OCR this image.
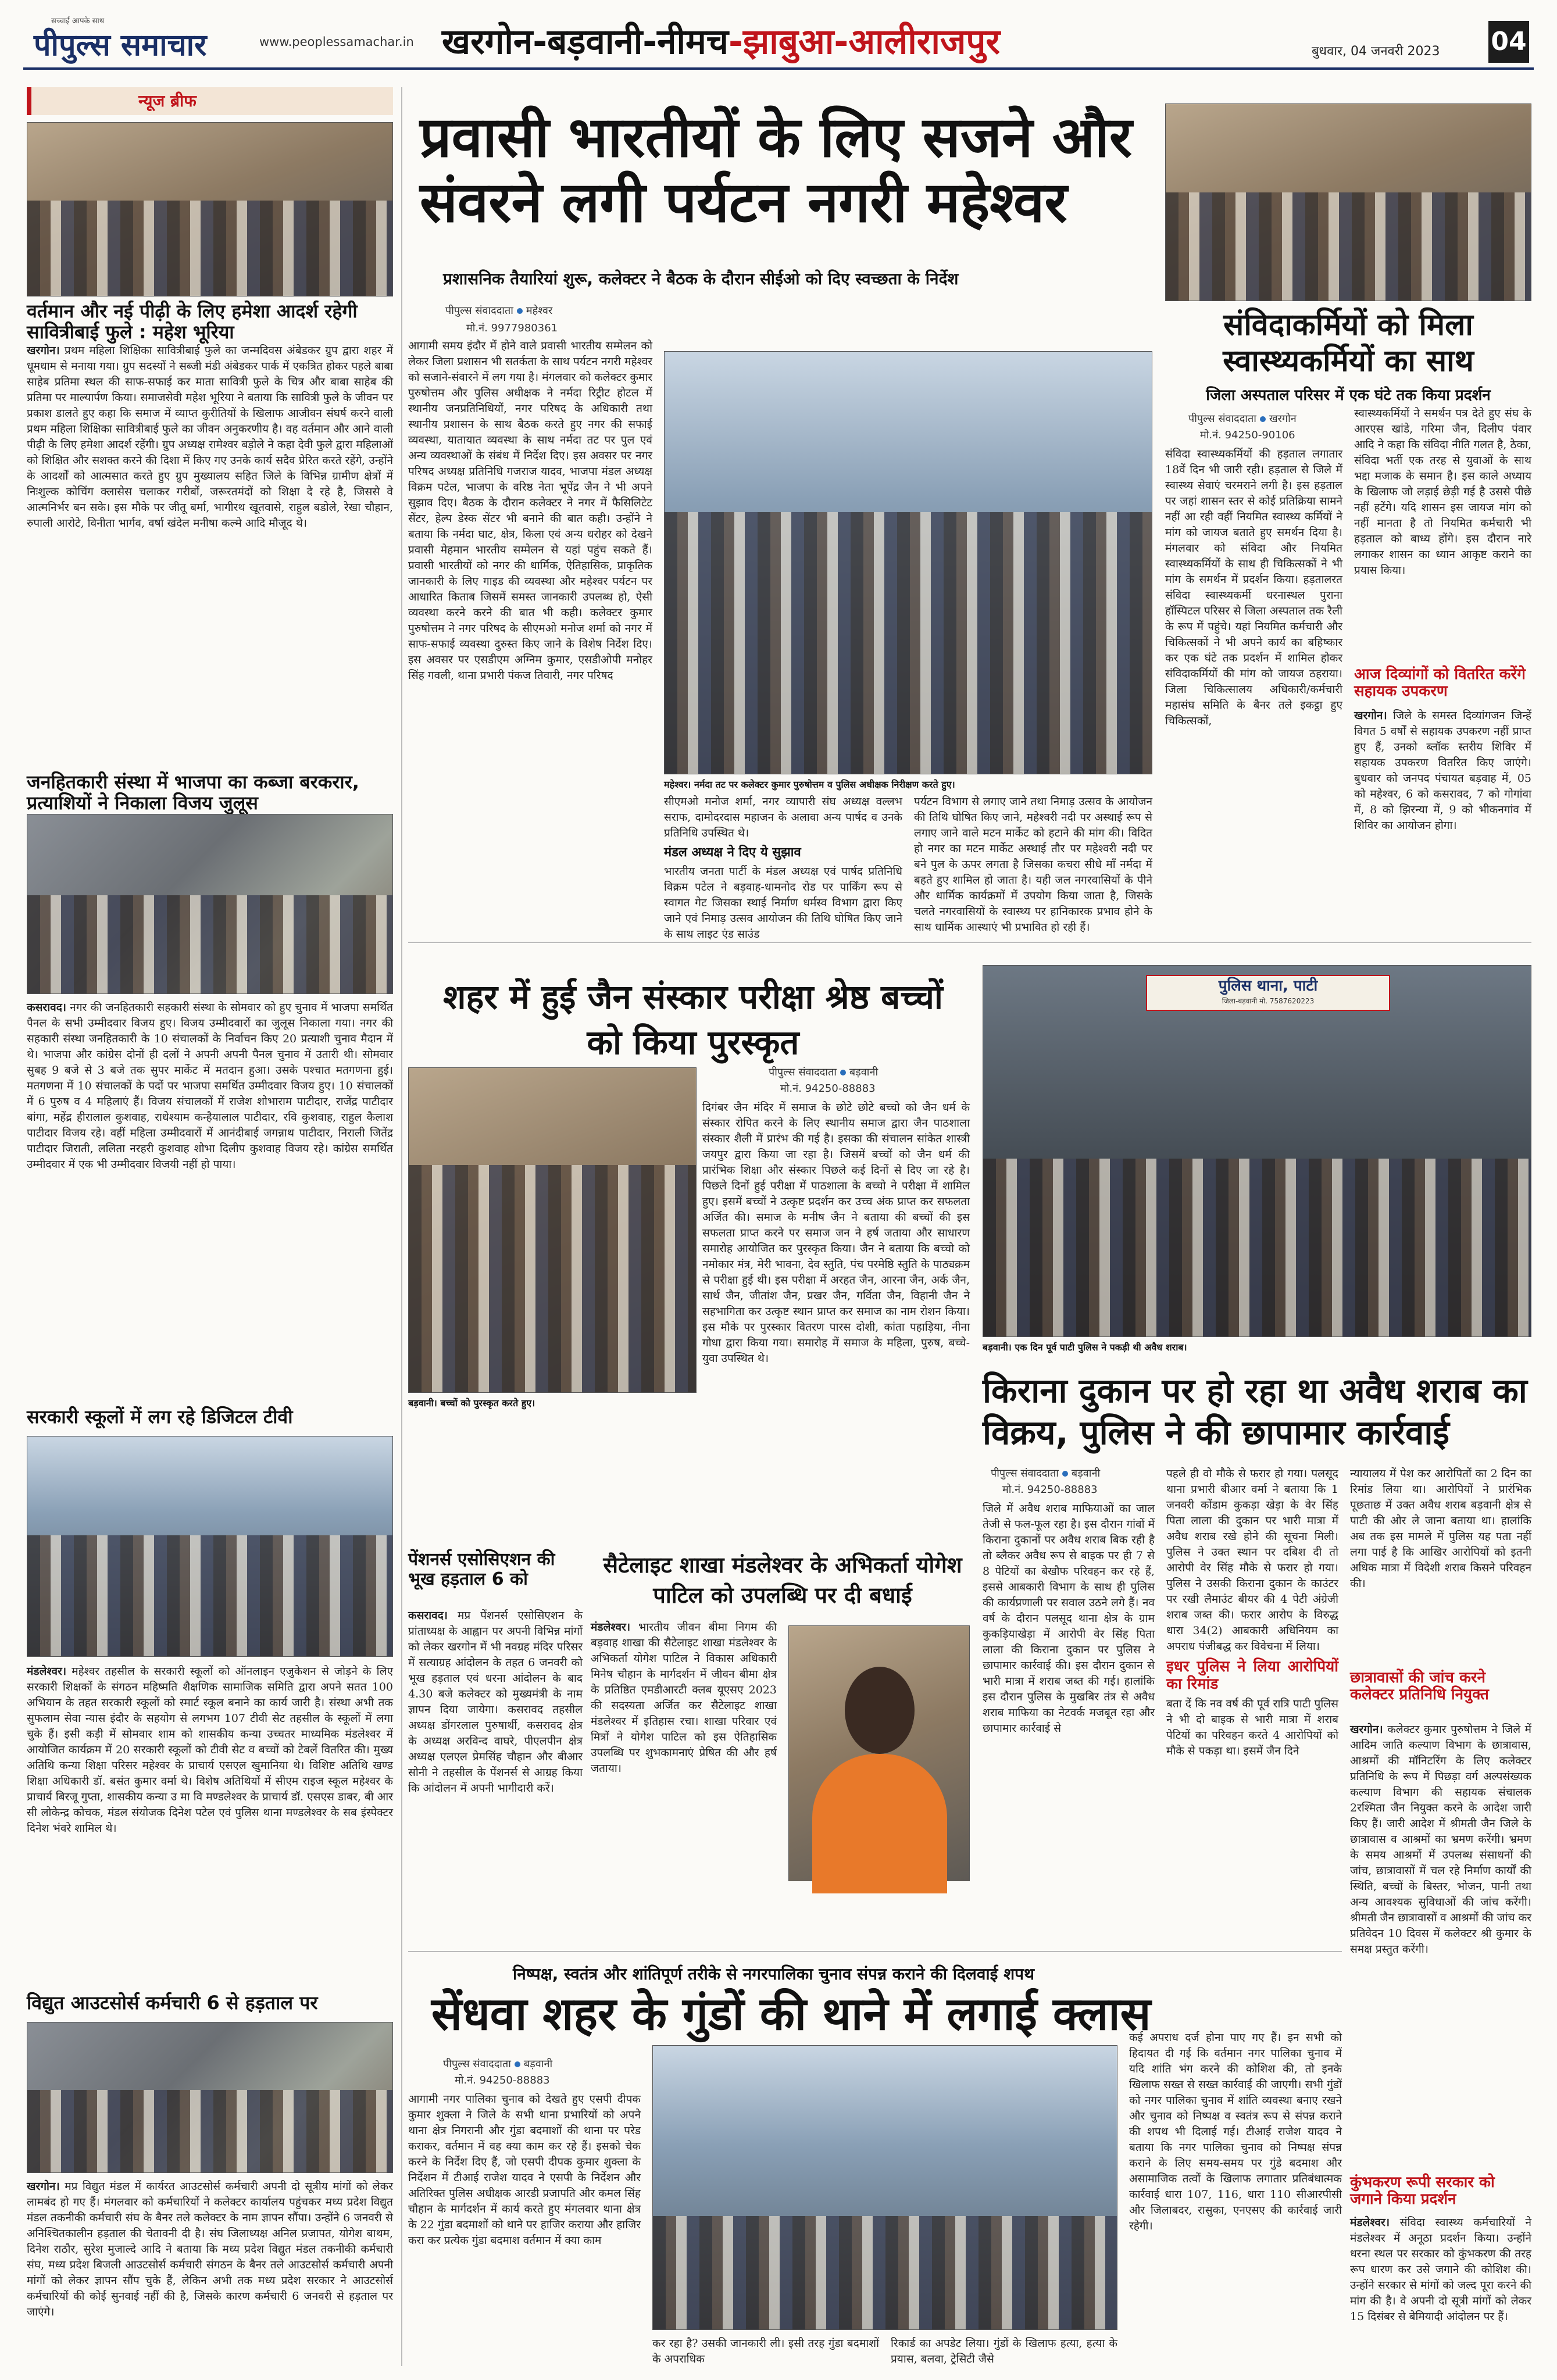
सच्चाई आपके साथ
पीपुल्स समाचार	www.peoplessamachar.in खरगोन-बड़वानी-नीमच-झाबुआ-आलीराजपुर	बुधवार, 04 जनवरी 2023 04
न्यूज ब्रीफ
वर्तमान और नई पीढ़ी के लिए हमेशा आदर्श रहेगी सावित्रीबाई फुले : महेश भूरिया
खरगोन। प्रथम महिला शिक्षिका सावित्रीबाई फुले का जन्मदिवस अंबेडकर ग्रुप द्वारा शहर में धूमधाम से मनाया गया। ग्रुप सदस्यों ने सब्जी मंडी अंबेडकर पार्क में एकत्रित होकर पहले बाबा साहेब प्रतिमा स्थल की साफ-सफाई कर माता सावित्री फुले के चित्र और बाबा साहेब की प्रतिमा पर माल्यार्पण किया। समाजसेवी महेश भूरिया ने बताया कि सावित्री फुले के जीवन पर प्रकाश डालते हुए कहा कि समाज में व्याप्त कुरीतियों के खिलाफ आजीवन संघर्ष करने वाली प्रथम महिला शिक्षिका सावित्रीबाई फुले का जीवन अनुकरणीय है। वह वर्तमान और आने वाली पीढ़ी के लिए हमेशा आदर्श रहेंगी। ग्रुप अध्यक्ष रामेश्वर बड़ोले ने कहा देवी फुले द्वारा महिलाओं को शिक्षित और सशक्त करने की दिशा में किए गए उनके कार्य सदैव प्रेरित करते रहेंगे, उन्होंने के आदर्शों को आत्मसात करते हुए ग्रुप मुख्यालय सहित जिले के विभिन्न ग्रामीण क्षेत्रों में निःशुल्क कोचिंग क्लासेस चलाकर गरीबों, जरूरतमंदों को शिक्षा दे रहे है, जिससे वे आत्मनिर्भर बन सके। इस मौके पर जीतू बर्मा, भागीरथ खूतवासे, राहुल बडोले, रेखा चौहान, रुपाली आरोटे, विनीता भार्गव, वर्षा खंदेल मनीषा कल्मे आदि मौजूद थे।
जनहितकारी संस्था में भाजपा का कब्जा बरकरार, प्रत्याशियों ने निकाला विजय जुलूस
कसरावद। नगर की जनहितकारी सहकारी संस्था के सोमवार को हुए चुनाव में भाजपा समर्थित पैनल के सभी उम्मीदवार विजय हुए। विजय उम्मीदवारों का जुलूस निकाला गया। नगर की सहकारी संस्था जनहितकारी के 10 संचालकों के निर्वाचन किए 20 प्रत्याशी चुनाव मैदान में थे। भाजपा और कांग्रेस दोनों ही दलों ने अपनी अपनी पैनल चुनाव में उतारी थी। सोमवार सुबह 9 बजे से 3 बजे तक सुपर मार्केट में मतदान हुआ। उसके पश्चात मतगणना हुई। मतगणना में 10 संचालकों के पदों पर भाजपा समर्थित उम्मीदवार विजय हुए। 10 संचालकों में 6 पुरुष व 4 महिलाएं हैं। विजय संचालकों में राजेश शोभाराम पाटीदार, राजेंद्र पाटीदार बांगा, महेंद्र हीरालाल कुशवाह, राधेश्याम कन्हैयालाल पाटीदार, रवि कुशवाह, राहुल कैलाश पाटीदार विजय रहे। वहीं महिला उम्मीदवारों में आनंदीबाई जगन्नाथ पाटीदार, निराली जितेंद्र पाटीदार जिराती, ललिता नरहरी कुशवाह शोभा दिलीप कुशवाह विजय रहे। कांग्रेस समर्थित उम्मीदवार में एक भी उम्मीदवार विजयी नहीं हो पाया।
सरकारी स्कूलों में लग रहे डिजिटल टीवी
मंडलेश्वर। महेश्वर तहसील के सरकारी स्कूलों को ऑनलाइन एजुकेशन से जोड़ने के लिए सरकारी शिक्षकों के संगठन महिष्मति शैक्षणिक सामाजिक समिति द्वारा अपने सतत 100 अभियान के तहत सरकारी स्कूलों को स्मार्ट स्कूल बनाने का कार्य जारी है। संस्था अभी तक सुफलाम सेवा न्यास इंदौर के सहयोग से लगभग 107 टीवी सेट तहसील के स्कूलों में लगा चुके हैं। इसी कड़ी में सोमवार शाम को शासकीय कन्या उच्चतर माध्यमिक मंडलेश्वर में आयोजित कार्यक्रम में 20 सरकारी स्कूलों को टीवी सेट व बच्चों को टेबलें वितरित की। मुख्य अतिथि कन्या शिक्षा परिसर महेश्वर के प्राचार्य एसएल खुमानिया थे। विशिष्ट अतिथि खण्ड शिक्षा अधिकारी डॉ. बसंत कुमार वर्मा थे। विशेष अतिथियों में सीएम राइज स्कूल महेश्वर के प्राचार्य बिरजू गुप्ता, शासकीय कन्या उ मा वि मण्डलेश्वर के प्राचार्य डॉ. एसएस डाबर, बी आर सी लोकेन्द्र कोचक, मंडल संयोजक दिनेश पटेल एवं पुलिस थाना मण्डलेश्वर के सब इंस्पेक्टर दिनेश भंवरे शामिल थे।
विद्युत आउटसोर्स कर्मचारी 6 से हड़ताल पर
खरगोन। मप्र विद्युत मंडल में कार्यरत आउटसोर्स कर्मचारी अपनी दो सूत्रीय मांगों को लेकर लामबंद हो गए हैं। मंगलवार को कर्मचारियों ने कलेक्टर कार्यालय पहुंचकर मध्य प्रदेश विद्युत मंडल तकनीकी कर्मचारी संघ के बैनर तले कलेक्टर के नाम ज्ञापन सौंपा। उन्होंने 6 जनवरी से अनिश्चितकालीन हड़ताल की चेतावनी दी है। संघ जिलाध्यक्ष अनिल प्रजापत, योगेश बाथम, दिनेश राठौर, सुरेश मुजाल्दे आदि ने बताया कि मध्य प्रदेश विद्युत मंडल तकनीकी कर्मचारी संघ, मध्य प्रदेश बिजली आउटसोर्स कर्मचारी संगठन के बैनर तले आउटसोर्स कर्मचारी अपनी मांगों को लेकर ज्ञापन सौंप चुके हैं, लेकिन अभी तक मध्य प्रदेश सरकार ने आउटसोर्स कर्मचारियों की कोई सुनवाई नहीं की है, जिसके कारण कर्मचारी 6 जनवरी से हड़ताल पर जाएंगे।
प्रवासी भारतीयों के लिए सजने और संवरने लगी पर्यटन नगरी महेश्वर
प्रशासनिक तैयारियां शुरू, कलेक्टर ने बैठक के दौरान सीईओ को दिए स्वच्छता के निर्देश
पीपुल्स संवाददाता महेश्वर
मो.नं. 9977980361
आगामी समय इंदौर में होने वाले प्रवासी भारतीय सम्मेलन को लेकर जिला प्रशासन भी सतर्कता के साथ पर्यटन नगरी महेश्वर को सजाने-संवारने में लग गया है। मंगलवार को कलेक्टर कुमार पुरुषोत्तम और पुलिस अधीक्षक ने नर्मदा रिट्रीट होटल में स्थानीय जनप्रतिनिधियों, नगर परिषद के अधिकारी तथा स्थानीय प्रशासन के साथ बैठक करते हुए नगर की सफाई व्यवस्था, यातायात व्यवस्था के साथ नर्मदा तट पर पुल एवं अन्य व्यवस्थाओं के संबंध में निर्देश दिए। इस अवसर पर नगर परिषद अध्यक्ष प्रतिनिधि गजराज यादव, भाजपा मंडल अध्यक्ष विक्रम पटेल, भाजपा के वरिष्ठ नेता भूपेंद्र जैन ने भी अपने सुझाव दिए। बैठक के दौरान कलेक्टर ने नगर में फैसिलिटेट सेंटर, हेल्प डेस्क सेंटर भी बनाने की बात कही। उन्होंने ने बताया कि नर्मदा घाट, क्षेत्र, किला एवं अन्य धरोहर को देखने प्रवासी मेहमान भारतीय सम्मेलन से यहां पहुंच सकते हैं। प्रवासी भारतीयों को नगर की धार्मिक, ऐतिहासिक, प्राकृतिक जानकारी के लिए गाइड की व्यवस्था और महेश्वर पर्यटन पर आधारित किताब जिसमें समस्त जानकारी उपलब्ध हो, ऐसी व्यवस्था करने करने की बात भी कही। कलेक्टर कुमार पुरुषोत्तम ने नगर परिषद के सीएमओ मनोज शर्मा को नगर में साफ-सफाई व्यवस्था दुरुस्त किए जाने के विशेष निर्देश दिए। इस अवसर पर एसडीएम अग्निम कुमार, एसडीओपी मनोहर सिंह गवली, थाना प्रभारी पंकज तिवारी, नगर परिषद
महेश्वर। नर्मदा तट पर कलेक्टर कुमार पुरुषोत्तम व पुलिस अधीक्षक निरीक्षण करते हुए।
सीएमओ मनोज शर्मा, नगर व्यापारी संघ अध्यक्ष वल्लभ सराफ, दामोदरदास महाजन के अलावा अन्य पार्षद व उनके प्रतिनिधि उपस्थित थे।
मंडल अध्यक्ष ने दिए ये सुझाव
भारतीय जनता पार्टी के मंडल अध्यक्ष एवं पार्षद प्रतिनिधि विक्रम पटेल ने बड़वाह-धामनोद रोड पर पार्किंग रूप से स्वागत गेट जिसका स्थाई निर्माण धर्मस्व विभाग द्वारा किए जाने एवं निमाड़ उत्सव आयोजन की तिथि घोषित किए जाने के साथ लाइट एंड साउंड
पर्यटन विभाग से लगाए जाने तथा निमाड़ उत्सव के आयोजन की तिथि घोषित किए जाने, महेश्वरी नदी पर अस्थाई रूप से लगाए जाने वाले मटन मार्केट को हटाने की मांग की। विदित हो नगर का मटन मार्केट अस्थाई तौर पर महेश्वरी नदी पर बने पुल के ऊपर लगता है जिसका कचरा सीधे माँ नर्मदा में बहते हुए शामिल हो जाता है। यही जल नगरवासियों के पीने और धार्मिक कार्यक्रमों में उपयोग किया जाता है, जिसके चलते नगरवासियों के स्वास्थ्य पर हानिकारक प्रभाव होने के साथ धार्मिक आस्थाएं भी प्रभावित हो रही हैं।
संविदाकर्मियों को मिला स्वास्थ्यकर्मियों का साथ
जिला अस्पताल परिसर में एक घंटे तक किया प्रदर्शन
पीपुल्स संवाददाता खरगोन
मो.नं. 94250-90106
संविदा स्वास्थ्यकर्मियों की हड़ताल लगातार 18वें दिन भी जारी रही। हड़ताल से जिले में स्वास्थ्य सेवाएं चरमराने लगी है। इस हड़ताल पर जहां शासन स्तर से कोई प्रतिक्रिया सामने नहीं आ रही वहीं नियमित स्वास्थ्य कर्मियों ने मांग को जायज बताते हुए समर्थन दिया है। मंगलवार को संविदा और नियमित स्वास्थ्यकर्मियों के साथ ही चिकित्सकों ने भी मांग के समर्थन में प्रदर्शन किया। हड़तालरत संविदा स्वास्थ्यकर्मी धरनास्थल पुराना हॉस्पिटल परिसर से जिला अस्पताल तक रैली के रूप में पहुंचे। यहां नियमित कर्मचारी और चिकित्सकों ने भी अपने कार्य का बहिष्कार कर एक घंटे तक प्रदर्शन में शामिल होकर संविदाकर्मियों की मांग को जायज ठहराया। जिला चिकित्सालय अधिकारी/कर्मचारी महासंघ समिति के बैनर तले इकट्ठा हुए चिकित्सकों,
स्वास्थ्यकर्मियों ने समर्थन पत्र देते हुए संघ के आरएस खांडे, गरिमा जैन, दिलीप पंवार आदि ने कहा कि संविदा नीति गलत है, ठेका, संविदा भर्ती एक तरह से युवाओं के साथ भद्दा मजाक के समान है। इस काले अध्याय के खिलाफ जो लड़ाई छेड़ी गई है उससे पीछे नहीं हटेंगे। यदि शासन इस जायज मांग को नहीं मानता है तो नियमित कर्मचारी भी हड़ताल को बाध्य होंगे। इस दौरान नारे लगाकर शासन का ध्यान आकृष्ट कराने का प्रयास किया।
आज दिव्यांगों को वितरित करेंगे सहायक उपकरण
खरगोन। जिले के समस्त दिव्यांगजन जिन्हें विगत 5 वर्षों से सहायक उपकरण नहीं प्राप्त हुए हैं, उनको ब्लॉक स्तरीय शिविर में सहायक उपकरण वितरित किए जाएंगे। बुधवार को जनपद पंचायत बड़वाह में, 05 को महेश्वर, 6 को कसरावद, 7 को गोगांवा में, 8 को झिरन्या में, 9 को भीकनगांव में शिविर का आयोजन होगा।
शहर में हुई जैन संस्कार परीक्षा श्रेष्ठ बच्चों को किया पुरस्कृत
बड़वानी। बच्चों को पुरस्कृत करते हुए।
पीपुल्स संवाददाता बड़वानी
मो.नं. 94250-88883
दिगंबर जैन मंदिर में समाज के छोटे छोटे बच्चो को जैन धर्म के संस्कार रोपित करने के लिए स्थानीय समाज द्वारा जैन पाठशाला संस्कार शैली में प्रारंभ की गई है। इसका की संचालन सांकेत शास्त्री जयपुर द्वारा किया जा रहा है। जिसमें बच्चों को जैन धर्म की प्रारंभिक शिक्षा और संस्कार पिछले कई दिनों से दिए जा रहे है। पिछले दिनों हुई परीक्षा में पाठशाला के बच्चो ने परीक्षा में शामिल हुए। इसमें बच्चों ने उत्कृष्ट प्रदर्शन कर उच्च अंक प्राप्त कर सफलता अर्जित की। समाज के मनीष जैन ने बताया की बच्चों की इस सफलता प्राप्त करने पर समाज जन ने हर्ष जताया और साधारण समारोह आयोजित कर पुरस्कृत किया। जैन ने बताया कि बच्चो को नमोकार मंत्र, मेरी भावना, देव स्तुति, पंच परमेष्ठि स्तुति के पाठ्यक्रम से परीक्षा हुई थी। इस परीक्षा में अरहत जैन, आरना जैन, अर्क जैन, सार्थ जैन, जीतांश जैन, प्रखर जैन, गर्विता जैन, विहानी जैन ने सहभागिता कर उत्कृष्ट स्थान प्राप्त कर समाज का नाम रोशन किया। इस मौके पर पुरस्कार वितरण पारस दोशी, कांता पहाड़िया, नीना गोधा द्वारा किया गया। समारोह में समाज के महिला, पुरुष, बच्चे-युवा उपस्थित थे।
पुलिस थाना, पाटी
जिला-बड़वानी मो. 7587620223
बड़वानी। एक दिन पूर्व पाटी पुलिस ने पकड़ी थी अवैध शराब।
किराना दुकान पर हो रहा था अवैध शराब का विक्रय, पुलिस ने की छापामार कार्रवाई
पीपुल्स संवाददाता बड़वानी
मो.नं. 94250-88883
जिले में अवैध शराब माफियाओं का जाल तेजी से फल-फूल रहा है। इस दौरान गांवों में किराना दुकानों पर अवैध शराब बिक रही है तो ब्लैकर अवैध रूप से बाइक पर ही 7 से 8 पेटियों का बेखौफ परिवहन कर रहे हैं, इससे आबकारी विभाग के साथ ही पुलिस की कार्यप्रणाली पर सवाल उठने लगे हैं। नव वर्ष के दौरान पलसूद थाना क्षेत्र के ग्राम कुकड़ियाखेड़ा में आरोपी वेर सिंह पिता लाला की किराना दुकान पर पुलिस ने छापामार कार्रवाई की। इस दौरान दुकान से भारी मात्रा में शराब जब्त की गई। हालांकि इस दौरान पुलिस के मुखबिर तंत्र से अवैध शराब माफिया का नेटवर्क मजबूत रहा और छापामार कार्रवाई से
पहले ही वो मौके से फरार हो गया। पलसूद थाना प्रभारी बीआर वर्मा ने बताया कि 1 जनवरी कोंडाम कुकड़ा खेड़ा के वेर सिंह पिता लाला की दुकान पर भारी मात्रा में अवैध शराब रखे होने की सूचना मिली। पुलिस ने उक्त स्थान पर दबिश दी तो आरोपी वेर सिंह मौके से फरार हो गया। पुलिस ने उसकी किराना दुकान के काउंटर पर रखी लैमाउंट बीयर की 4 पेटी अंग्रेजी शराब जब्त की। फरार आरोप के विरुद्ध धारा 34(2) आबकारी अधिनियम का अपराध पंजीबद्ध कर विवेचना में लिया।
इधर पुलिस ने लिया आरोपियों का रिमांड
बता दें कि नव वर्ष की पूर्व रात्रि पाटी पुलिस ने भी दो बाइक से भारी मात्रा में शराब पेटियों का परिवहन करते 4 आरोपियों को मौके से पकड़ा था। इसमें जैन दिने
न्यायालय में पेश कर आरोपितों का 2 दिन का रिमांड लिया था। आरोपियों ने प्रारंभिक पूछताछ में उक्त अवैध शराब बड़वानी क्षेत्र से पाटी की ओर ले जाना बताया था। हालांकि अब तक इस मामले में पुलिस यह पता नहीं लगा पाई है कि आखिर आरोपियों को इतनी अधिक मात्रा में विदेशी शराब किसने परिवहन की।
पेंशनर्स एसोसिएशन की भूख हड़ताल 6 को
कसरावद। मप्र पेंशनर्स एसोसिएशन के प्रांताध्यक्ष के आह्वान पर अपनी विभिन्न मांगों को लेकर खरगोन में भी नवग्रह मंदिर परिसर में सत्याग्रह आंदोलन के तहत 6 जनवरी को भूख हड़ताल एवं धरना आंदोलन के बाद 4.30 बजे कलेक्टर को मुख्यमंत्री के नाम ज्ञापन दिया जायेगा। कसरावद तहसील अध्यक्ष डोंगरलाल पुरुषार्थी, कसरावद क्षेत्र के अध्यक्ष अरविन्द वाघरे, पीएलपीन क्षेत्र अध्यक्ष एलएल प्रेमसिंह चौहान और बीआर सोनी ने तहसील के पेंशनर्स से आग्रह किया कि आंदोलन में अपनी भागीदारी करें।
सैटेलाइट शाखा मंडलेश्वर के अभिकर्ता योगेश पाटिल को उपलब्धि पर दी बधाई
मंडलेश्वर। भारतीय जीवन बीमा निगम की बड़वाह शाखा की सैटेलाइट शाखा मंडलेश्वर के अभिकर्ता योगेश पाटिल ने विकास अधिकारी मिनेष चौहान के मार्गदर्शन में जीवन बीमा क्षेत्र के प्रतिष्ठित एमडीआरटी क्लब यूएसए 2023 की सदस्यता अर्जित कर सैटेलाइट शाखा मंडलेश्वर में इतिहास रचा। शाखा परिवार एवं मित्रों ने योगेश पाटिल को इस ऐतिहासिक उपलब्धि पर शुभकामनाएं प्रेषित की और हर्ष जताया।
छात्रावासों की जांच करने कलेक्टर प्रतिनिधि नियुक्त
खरगोन। कलेक्टर कुमार पुरुषोत्तम ने जिले में आदिम जाति कल्याण विभाग के छात्रावास, आश्रमों की मॉनिटरिंग के लिए कलेक्टर प्रतिनिधि के रूप में पिछड़ा वर्ग अल्पसंख्यक कल्याण विभाग की सहायक संचालक 2रश्मिता जैन नियुक्त करने के आदेश जारी किए हैं। जारी आदेश में श्रीमती जैन जिले के छात्रावास व आश्रमों का भ्रमण करेंगी। भ्रमण के समय आश्रमों में उपलब्ध संसाधनों की जांच, छात्रावासों में चल रहे निर्माण कार्यों की स्थिति, बच्चों के बिस्तर, भोजन, पानी तथा अन्य आवश्यक सुविधाओं की जांच करेंगी। श्रीमती जैन छात्रावासों व आश्रमों की जांच कर प्रतिवेदन 10 दिवस में कलेक्टर श्री कुमार के समक्ष प्रस्तुत करेंगी।
कुंभकरण रूपी सरकार को जगाने किया प्रदर्शन
मंडलेश्वर। संविदा स्वास्थ्य कर्मचारियों ने मंडलेश्वर में अनूठा प्रदर्शन किया। उन्होंने धरना स्थल पर सरकार को कुंभकरण की तरह रूप धारण कर उसे जगाने की कोशिश की। उन्होंने सरकार से मांगों को जल्द पूरा करने की मांग की है। वे अपनी दो सूत्री मांगों को लेकर 15 दिसंबर से बेमियादी आंदोलन पर हैं।
निष्पक्ष, स्वतंत्र और शांतिपूर्ण तरीके से नगरपालिका चुनाव संपन्न कराने की दिलवाई शपथ
सेंधवा शहर के गुंडों की थाने में लगाई क्लास
पीपुल्स संवाददाता बड़वानी
मो.नं. 94250-88883
आगामी नगर पालिका चुनाव को देखते हुए एसपी दीपक कुमार शुक्ला ने जिले के सभी थाना प्रभारियों को अपने थाना क्षेत्र निगरानी और गुंडा बदमाशों की थाना पर परेड कराकर, वर्तमान में वह क्या काम कर रहे हैं। इसको चेक करने के निर्देश दिए हैं, जो एसपी दीपक कुमार शुक्ला के निर्देशन में टीआई राजेश यादव ने एसपी के निर्देशन और अतिरिक्त पुलिस अधीक्षक आरडी प्रजापति और कमल सिंह चौहान के मार्गदर्शन में कार्य करते हुए मंगलवार थाना क्षेत्र के 22 गुंडा बदमाशों को थाने पर हाजिर कराया और हाजिर करा कर प्रत्येक गुंडा बदमाश वर्तमान में क्या काम
कर रहा है? उसकी जानकारी ली। इसी तरह गुंडा बदमाशों के अपराधिक
रिकार्ड का अपडेट लिया। गुंडों के खिलाफ हत्या, हत्या के प्रयास, बलवा, ट्रेसिटी जैसे
कई अपराध दर्ज होना पाए गए हैं। इन सभी को हिदायत दी गई कि वर्तमान नगर पालिका चुनाव में यदि शांति भंग करने की कोशिश की, तो इनके खिलाफ सख्त से सख्त कार्रवाई की जाएगी। सभी गुंडों को नगर पालिका चुनाव में शांति व्यवस्था बनाए रखने और चुनाव को निष्पक्ष व स्वतंत्र रूप से संपन्न कराने की शपथ भी दिलाई गई। टीआई राजेश यादव ने बताया कि नगर पालिका चुनाव को निष्पक्ष संपन्न कराने के लिए समय-समय पर गुंडे बदमाश और असामाजिक तत्वों के खिलाफ लगातार प्रतिबंधात्मक कार्रवाई धारा 107, 116, धारा 110 सीआरपीसी और जिलाबदर, रासुका, एनएसए की कार्रवाई जारी रहेगी।
